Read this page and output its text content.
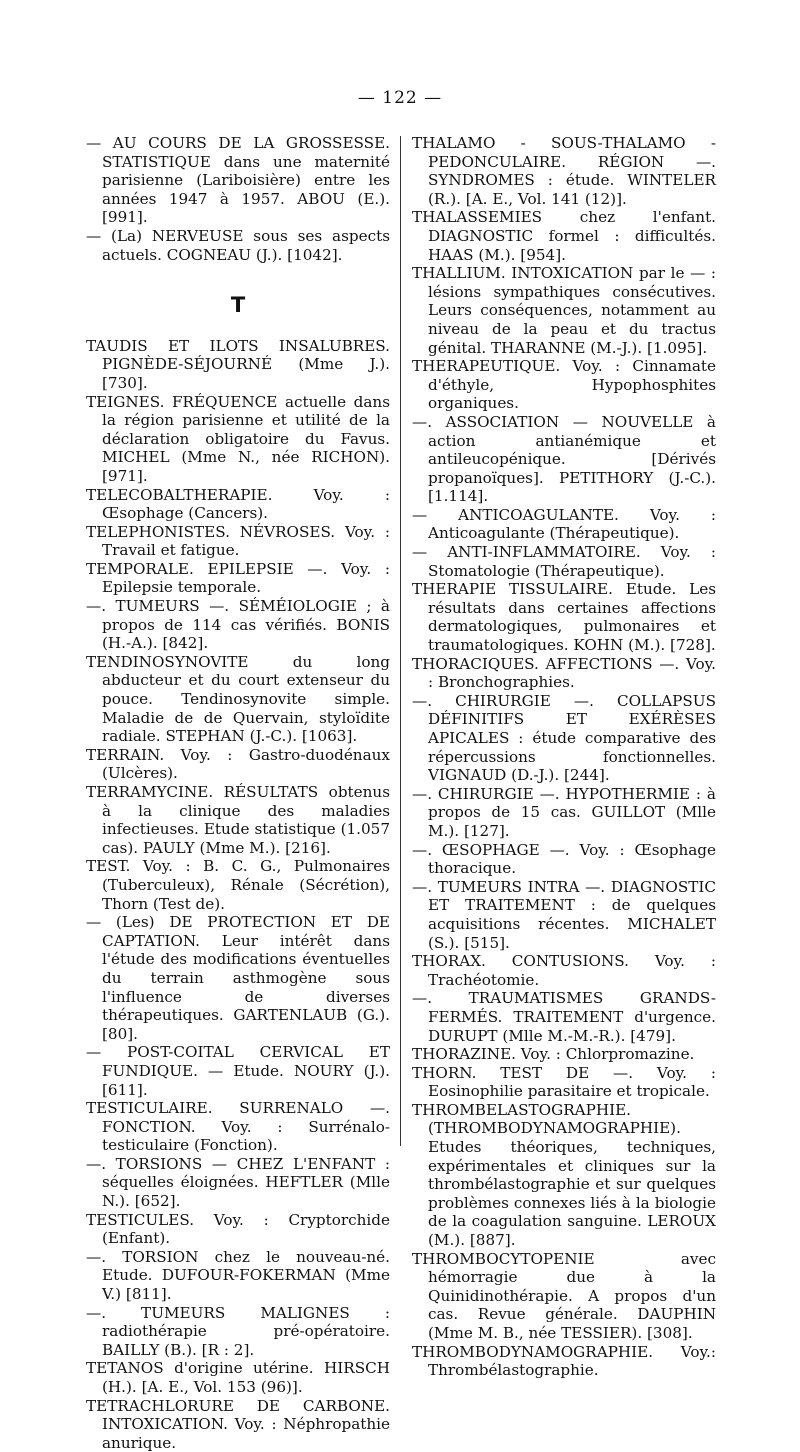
— 122 —

— AU COURS DE LA GROSSESSE. STATISTIQUE dans une maternité parisienne (Lariboisière) entre les années 1947 à 1957. ABOU (E.). [991].

— (La) NERVEUSE sous ses aspects actuels. COGNEAU (J.). [1042].

T

TAUDIS ET ILOTS INSALUBRES. PIGNÈDE-SÉJOURNÉ (Mme J.). [730].

TEIGNES. FRÉQUENCE actuelle dans la région parisienne et utilité de la déclaration obligatoire du Favus. MICHEL (Mme N., née RICHON). [971].

TELECOBALTHERAPIE. Voy. : Œsophage (Cancers).

TELEPHONISTES. NÉVROSES. Voy. : Travail et fatigue.

TEMPORALE. EPILEPSIE —. Voy. : Epilepsie temporale.

—. TUMEURS —. SÉMÉIOLOGIE ; à propos de 114 cas vérifiés. BONIS (H.-A.). [842].

TENDINOSYNOVITE du long abducteur et du court extenseur du pouce. Tendinosynovite simple. Maladie de de Quervain, styloïdite radiale. STEPHAN (J.-C.). [1063].

TERRAIN. Voy. : Gastro-duodénaux (Ulcères).

TERRAMYCINE. RÉSULTATS obtenus à la clinique des maladies infectieuses. Etude statistique (1.057 cas). PAULY (Mme M.). [216].

TEST. Voy. : B. C. G., Pulmonaires (Tuberculeux), Rénale (Sécrétion), Thorn (Test de).

— (Les) DE PROTECTION ET DE CAPTATION. Leur intérêt dans l'étude des modifications éventuelles du terrain asthmogène sous l'influence de diverses thérapeutiques. GARTENLAUB (G.). [80].

— POST-COITAL CERVICAL ET FUNDIQUE. — Etude. NOURY (J.). [611].

TESTICULAIRE. SURRENALO —. FONCTION. Voy. : Surrénalo-testiculaire (Fonction).

—. TORSIONS — CHEZ L'ENFANT : séquelles éloignées. HEFTLER (Mlle N.). [652].

TESTICULES. Voy. : Cryptorchide (Enfant).

—. TORSION chez le nouveau-né. Etude. DUFOUR-FOKERMAN (Mme V.) [811].

—. TUMEURS MALIGNES : radiothérapie pré-opératoire. BAILLY (B.). [R : 2].

TETANOS d'origine utérine. HIRSCH (H.). [A. E., Vol. 153 (96)].

TETRACHLORURE DE CARBONE. INTOXICATION. Voy. : Néphropathie anurique.

THALAMO - SOUS-THALAMO - PEDONCULAIRE. RÉGION —. SYNDROMES : étude. WINTELER (R.). [A. E., Vol. 141 (12)].

THALASSEMIES chez l'enfant. DIAGNOSTIC formel : difficultés. HAAS (M.). [954].

THALLIUM. INTOXICATION par le — : lésions sympathiques consécutives. Leurs conséquences, notamment au niveau de la peau et du tractus génital. THARANNE (M.-J.). [1.095].

THERAPEUTIQUE. Voy. : Cinnamate d'éthyle, Hypophosphites organiques.

—. ASSOCIATION — NOUVELLE à action antianémique et antileucopénique. [Dérivés propanoïques]. PETITHORY (J.-C.). [1.114].

— ANTICOAGULANTE. Voy. : Anticoagulante (Thérapeutique).

— ANTI-INFLAMMATOIRE. Voy. : Stomatologie (Thérapeutique).

THERAPIE TISSULAIRE. Etude. Les résultats dans certaines affections dermatologiques, pulmonaires et traumatologiques. KOHN (M.). [728].

THORACIQUES. AFFECTIONS —. Voy. : Bronchographies.

—. CHIRURGIE —. COLLAPSUS DÉFINITIFS ET EXÉRÈSES APICALES : étude comparative des répercussions fonctionnelles. VIGNAUD (D.-J.). [244].

—. CHIRURGIE —. HYPOTHERMIE : à propos de 15 cas. GUILLOT (Mlle M.). [127].

—. ŒSOPHAGE —. Voy. : Œsophage thoracique.

—. TUMEURS INTRA —. DIAGNOSTIC ET TRAITEMENT : de quelques acquisitions récentes. MICHALET (S.). [515].

THORAX. CONTUSIONS. Voy. : Trachéotomie.

—. TRAUMATISMES GRANDS-FERMÉS. TRAITEMENT d'urgence. DURUPT (Mlle M.-M.-R.). [479].

THORAZINE. Voy. : Chlorpromazine.

THORN. TEST DE —. Voy. : Eosinophilie parasitaire et tropicale.

THROMBELASTOGRAPHIE. (THROMBODYNAMOGRAPHIE). Etudes théoriques, techniques, expérimentales et cliniques sur la thrombélastographie et sur quelques problèmes connexes liés à la biologie de la coagulation sanguine. LEROUX (M.). [887].

THROMBOCYTOPENIE avec hémorragie due à la Quinidinothérapie. A propos d'un cas. Revue générale. DAUPHIN (Mme M. B., née TESSIER). [308].

THROMBODYNAMOGRAPHIE. Voy.: Thrombélastographie.
